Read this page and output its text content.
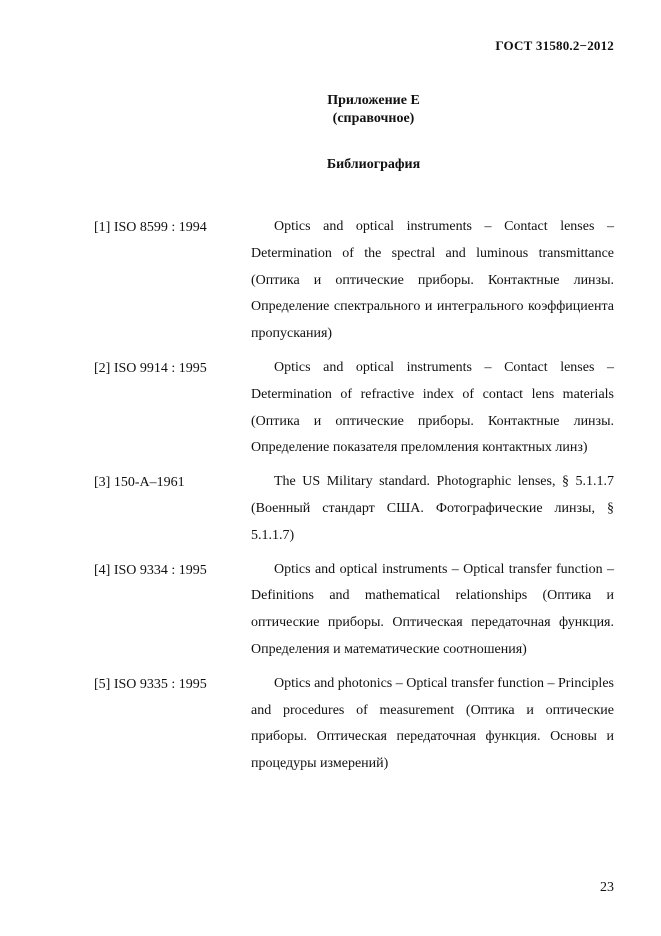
ГОСТ 31580.2−2012
Приложение Е
(справочное)
Библиография
[1] ISO 8599 : 1994	Optics and optical instruments – Contact lenses – Determination of the spectral and luminous transmittance (Оптика и оптические приборы. Контактные линзы. Определение спектрального и интегрального коэффициента пропускания)
[2] ISO 9914 : 1995	Optics and optical instruments – Contact lenses – Determination of refractive index of contact lens materials (Оптика и оптические приборы. Контактные линзы. Определение показателя преломления контактных линз)
[3] 150-A–1961	The US Military standard. Photographic lenses, § 5.1.1.7 (Военный стандарт США. Фотографические линзы, § 5.1.1.7)
[4] ISO 9334 : 1995	Optics and optical instruments – Optical transfer function – Definitions and mathematical relationships (Оптика и оптические приборы. Оптическая передаточная функция. Определения и математические соотношения)
[5] ISO 9335 : 1995	Optics and photonics – Optical transfer function – Principles and procedures of measurement (Оптика и оптические приборы. Оптическая передаточная функция. Основы и процедуры измерений)
23
